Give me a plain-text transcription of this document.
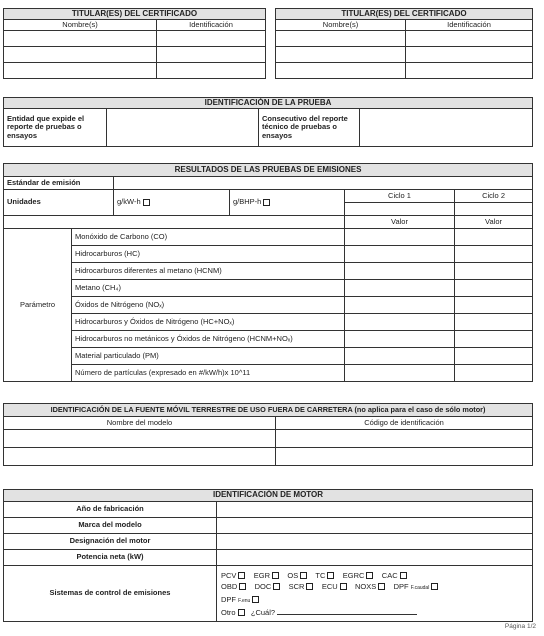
TITULAR(ES) DEL CERTIFICADO	
Nombre(s)	Identificación

TITULAR(ES) DEL CERTIFICADO	
Nombre(s)	Identificación

IDENTIFICACIÓN DE LA PRUEBA
Entidad que expide el reporte de pruebas o ensayos		Consecutivo del reporte técnico de pruebas o ensayos	
RESULTADOS DE LAS PRUEBAS DE EMISIONES					
Estándar de emisión					
Unidades		g/kW-h	g/BHP-h	Ciclo 1	Ciclo 2

				Valor	Valor
Parámetro	Monóxido de Carbono (CO)				
	Hidrocarburos (HC)				
	Hidrocarburos diferentes al metano (HCNM)				
	Metano (CH₄)				
	Óxidos de Nitrógeno (NOₓ)				
	Hidrocarburos y Óxidos de Nitrógeno (HC+NOₓ)				
	Hidrocarburos no metánicos y Óxidos de Nitrógeno (HCNM+NOₓ)				
	Material particulado (PM)				
	Número de partículas (expresado en #/kW/h)x 10^11				
IDENTIFICACIÓN DE LA FUENTE MÓVIL TERRESTRE DE USO FUERA DE CARRETERA (no aplica para el caso de sólo motor)	
Nombre del modelo	Código de identificación

IDENTIFICACIÓN DE MOTOR	
Año de fabricación	
Marca del modelo	
Designación del motor	
Potencia neta (kW)	
Sistemas de control de emisiones	PCV EGR OS TC EGRC CAC
OBD DOC SCR ECU NOXS DPF F.caudal
DPF F.enu
Otro ¿Cuál?
Página 1/2
